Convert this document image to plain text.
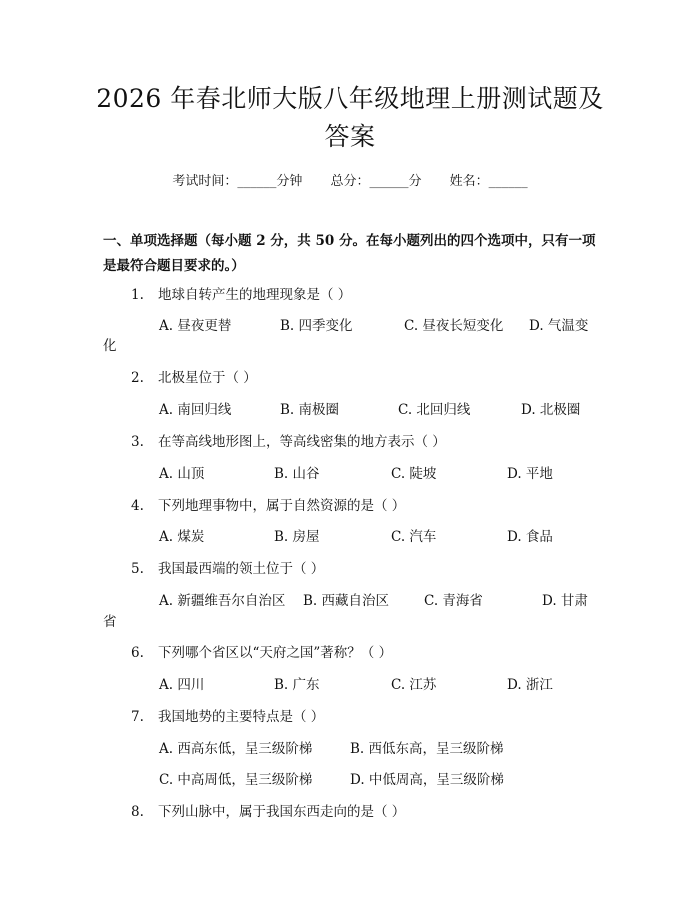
2026 年春北师大版八年级地理上册测试题及
答案
考试时间：______分钟 总分：______分 姓名：______
一、单项选择题（每小题 2 分，共 50 分。在每小题列出的四个选项中，只有一项
是最符合题目要求的。）
1. 地球自转产生的地理现象是（ ）
A. 昼夜更替	B. 四季变化	C. 昼夜长短变化 D. 气温变
化
2. 北极星位于（ ）
A. 南回归线	B. 南极圈	C. 北回归线	D. 北极圈
3. 在等高线地形图上，等高线密集的地方表示（ ）
A. 山顶	B. 山谷	C. 陡坡	D. 平地
4. 下列地理事物中，属于自然资源的是（ ）
A. 煤炭	B. 房屋	C. 汽车	D. 食品
5. 我国最西端的领土位于（ ）
A. 新疆维吾尔自治区 B. 西藏自治区	C. 青海省	D. 甘肃
省
6. 下列哪个省区以“天府之国”著称？（ ）
A. 四川	B. 广东	C. 江苏	D. 浙江
7. 我国地势的主要特点是（ ）
A. 西高东低，呈三级阶梯	B. 西低东高，呈三级阶梯
C. 中高周低，呈三级阶梯	D. 中低周高，呈三级阶梯
8. 下列山脉中，属于我国东西走向的是（ ）
